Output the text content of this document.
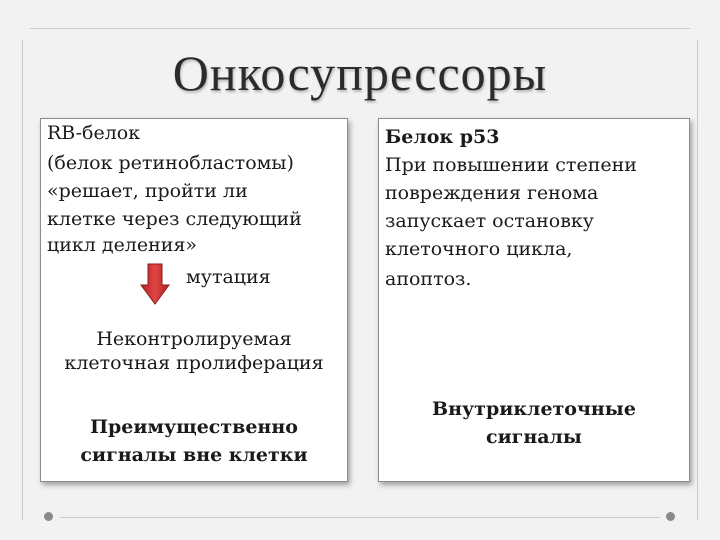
Онкосупрессоры
RB-белок
(белок ретинобластомы)
«решает, пройти ли
клетке через следующий
цикл деления»
мутация
Неконтролируемая
клеточная пролиферация
Преимущественно
сигналы вне клетки
Белок р53
При повышении степени
повреждения генома
запускает остановку
клеточного цикла,
апоптоз.
Внутриклеточные
сигналы
